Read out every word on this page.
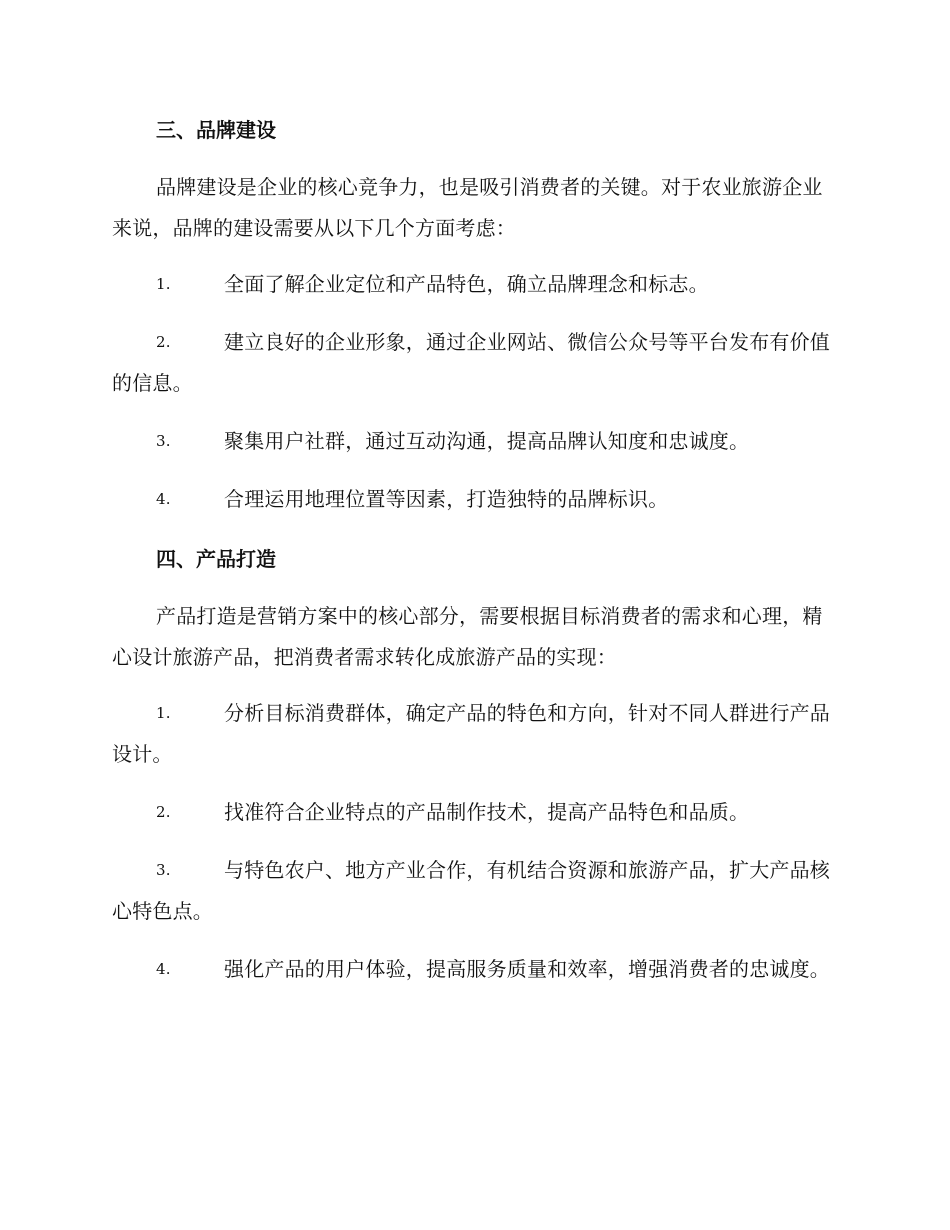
三、品牌建设

品牌建设是企业的核心竞争力，也是吸引消费者的关键。对于农业旅游企业来说，品牌的建设需要从以下几个方面考虑：

1.	全面了解企业定位和产品特色，确立品牌理念和标志。
2.	建立良好的企业形象，通过企业网站、微信公众号等平台发布有价值的信息。
3.	聚集用户社群，通过互动沟通，提高品牌认知度和忠诚度。
4.	合理运用地理位置等因素，打造独特的品牌标识。
四、产品打造

产品打造是营销方案中的核心部分，需要根据目标消费者的需求和心理，精心设计旅游产品，把消费者需求转化成旅游产品的实现：

1.	分析目标消费群体，确定产品的特色和方向，针对不同人群进行产品设计。
2.	找准符合企业特点的产品制作技术，提高产品特色和品质。
3.	与特色农户、地方产业合作，有机结合资源和旅游产品，扩大产品核心特色点。
4.	强化产品的用户体验，提高服务质量和效率，增强消费者的忠诚度。
